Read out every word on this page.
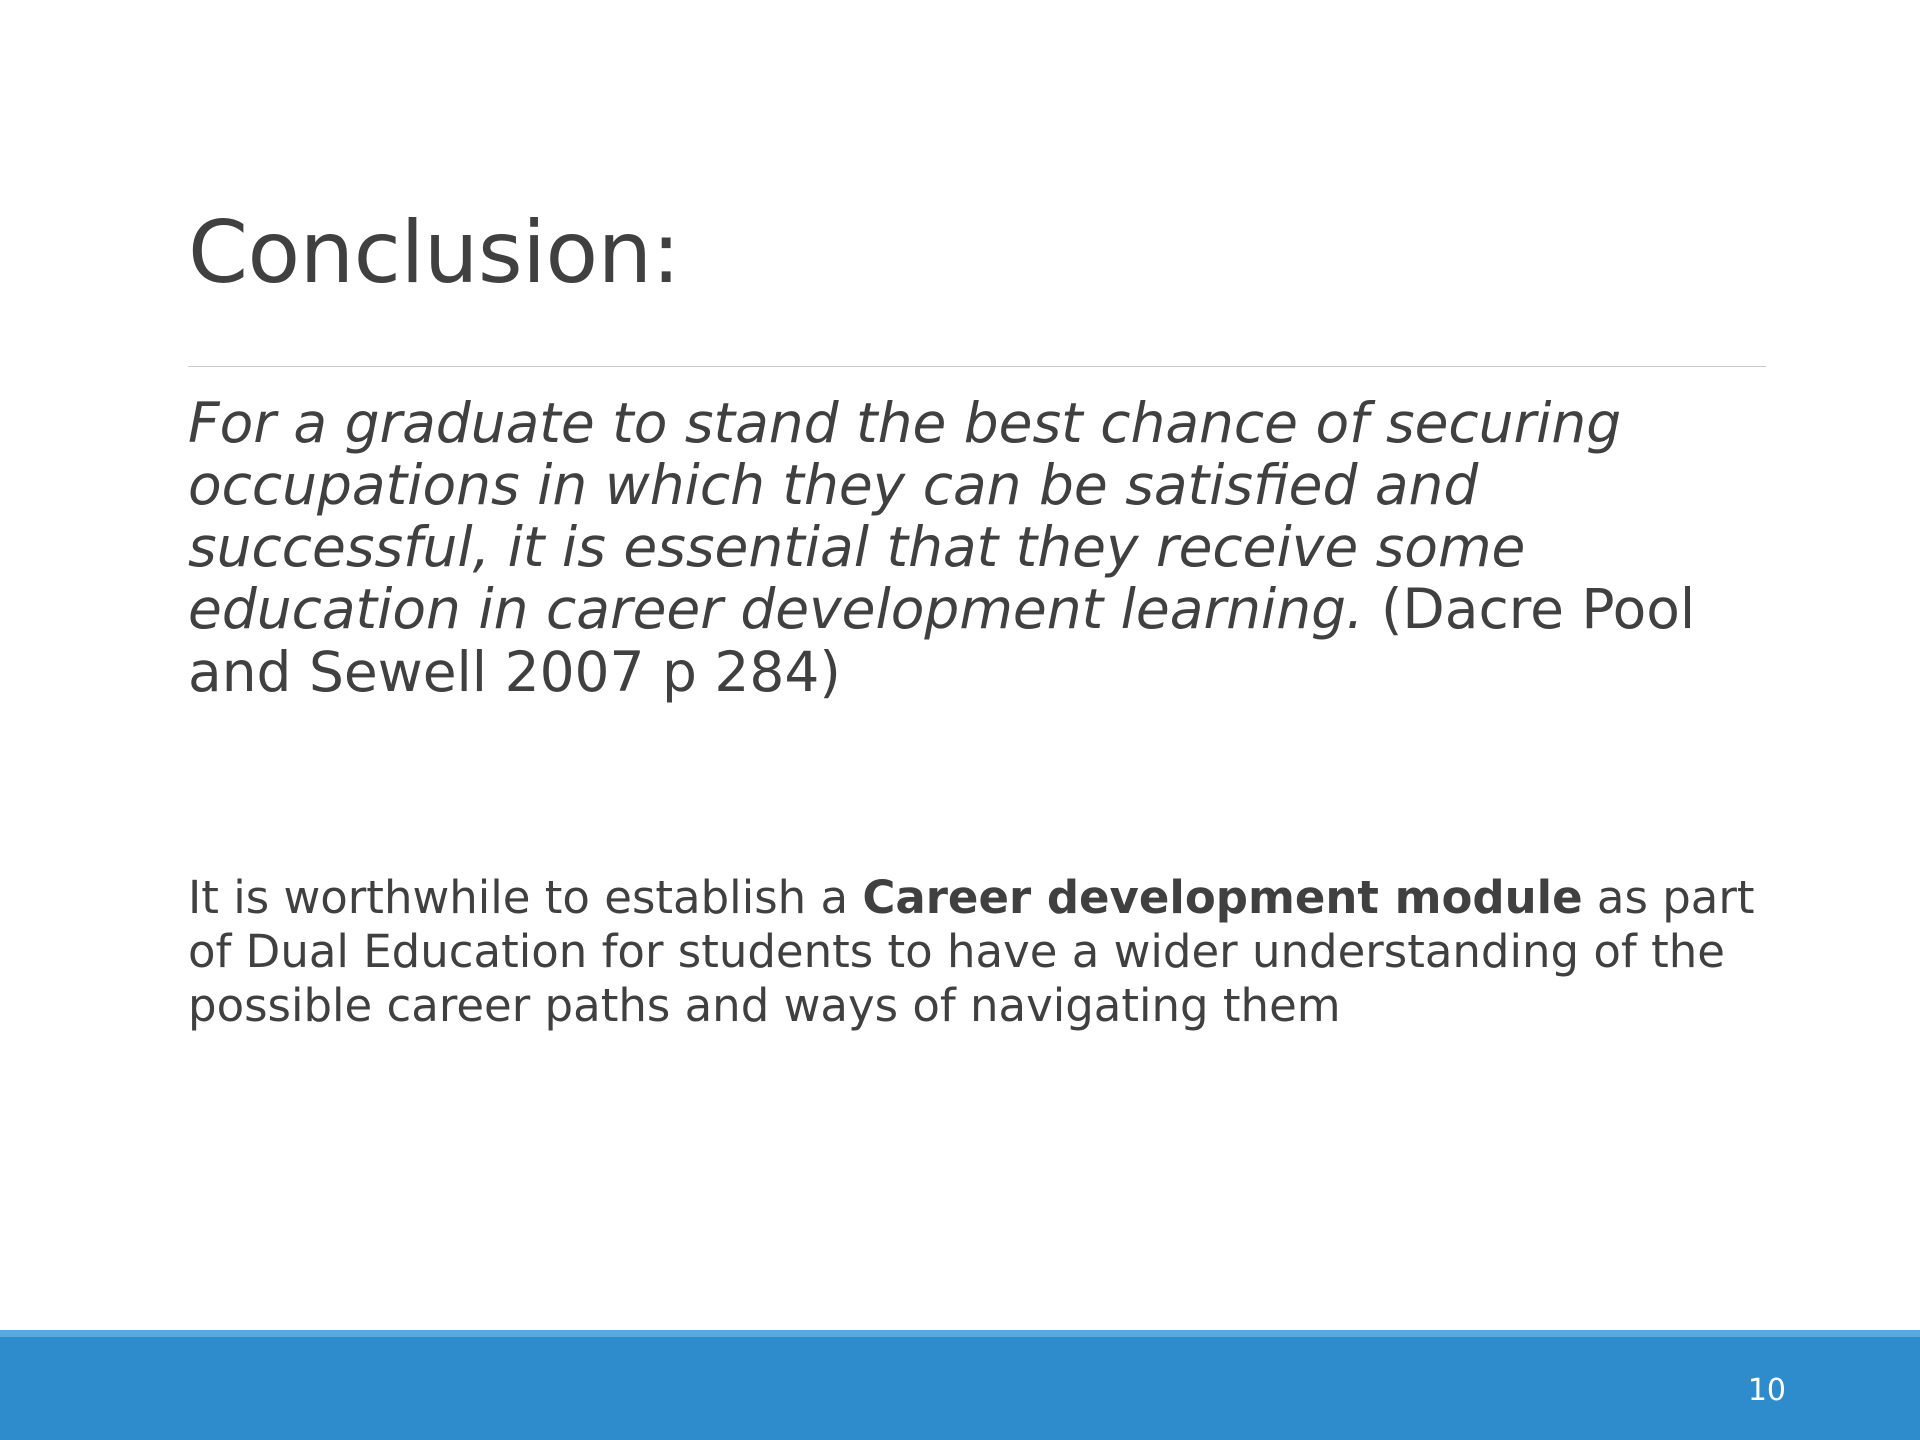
Conclusion:

For a graduate to stand the best chance of securing occupations in which they can be satisfied and successful, it is essential that they receive some education in career development learning. (Dacre Pool and Sewell 2007 p 284)

It is worthwhile to establish a Career development module as part of Dual Education for students to have a wider understanding of the possible career paths and ways of navigating them

10
